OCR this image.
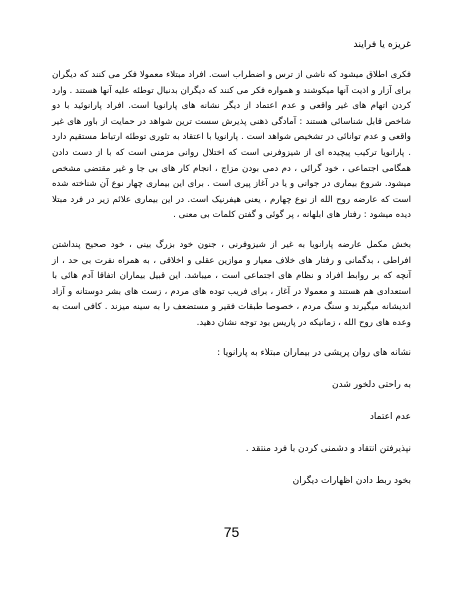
غریزه یا فرایند

فکری اطلاق میشود که ناشی از ترس و اضطراب است. افراد مبتلاء معمولا فکر می کنند که دیگران برای آزار و اذیت آنها میکوشند و همواره فکر می کنند که دیگران بدنبال توطئه علیه آنها هستند . وارد کردن اتهام های غیر واقعی و عدم اعتماد از دیگر نشانه های پارانویا است. افراد پارانوئید با دو شاخص قابل شناسائی هستند : آمادگی ذهنی پذیرش سست ترین شواهد در حمایت از باور های غیر واقعی و عدم توانائی در تشخیص شواهد است . پارانویا با اعتقاد به تئوری توطئه ارتباط مستقیم دارد . پارانویا ترکیب پیچیده ای از شیزوفرنی است که اختلال روانی مزمنی است که با از دست دادن همگامی اجتماعی ، خود گرائی ، دم دمی بودن مزاج ، انجام کار های بی جا و غیر مقتضی مشخص میشود. شروع بیماری در جوانی و یا در آغاز پیری است . برای این بیماری چهار نوع آن شناخته شده است که عارضه روح الله از نوع چهارم ، یعنی هیفرنیک است. در این بیماری علائم زیر در فرد مبتلا دیده میشود : رفتار های ابلهانه ، پر گوئی و گفتن کلمات بی معنی .

بخش مکمل عارضه پارانویا به غیر از شیزوفرنی ، جنون خود بزرگ بینی ، خود صحیح پنداشتن افراطی ، بدگمانی و رفتار های خلاف معیار و موازین عقلی و اخلاقی ، به همراه نفرت بی حد ، از آنچه که بر روابط افراد و نظام های اجتماعی است ، میباشد. این قبیل بیماران اتفاقا آدم هائی با استعدادی هم هستند و معمولا در آغاز ، برای فریب توده های مردم ، زست های بشر دوستانه و آزاد اندیشانه میگیرند و سنگ مردم ، خصوصا طبقات فقیر و مستضعف را به سینه میزند . کافی است به وعده های روح الله ، زمانیکه در پاریس بود توجه نشان دهید.

نشانه های روان پریشی در بیماران مبتلاء به پارانویا :
به راحتی دلخور شدن
عدم اعتماد
نپذیرفتن انتقاد و دشمنی کردن با فرد منتقد .
بخود ربط دادن اظهارات دیگران
75
